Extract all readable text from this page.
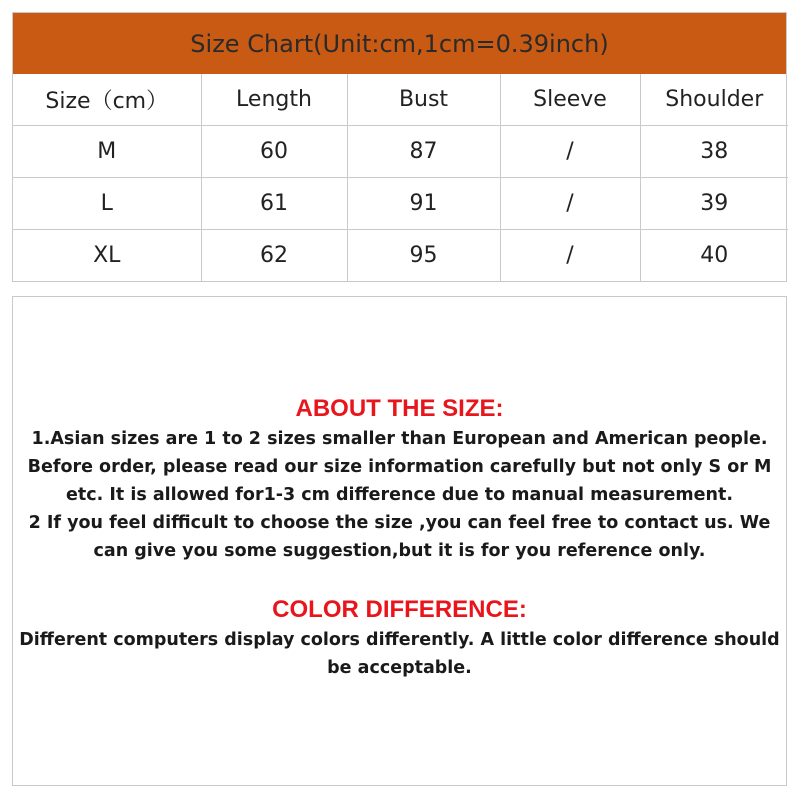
Size Chart(Unit:cm,1cm=0.39inch)
Size（cm）	Length	Bust	Sleeve	Shoulder
M	60	87	/	38
L	61	91	/	39
XL	62	95	/	40

ABOUT THE SIZE:

1.Asian sizes are 1 to 2 sizes smaller than European and American people.
Before order, please read our size information carefully but not only S or M
etc. It is allowed for1-3 cm difference due to manual measurement.
2 If you feel difficult to choose the size ,you can feel free to contact us. We
can give you some suggestion,but it is for you reference only.

COLOR DIFFERENCE:

Different computers display colors differently. A little color difference should
be acceptable.
